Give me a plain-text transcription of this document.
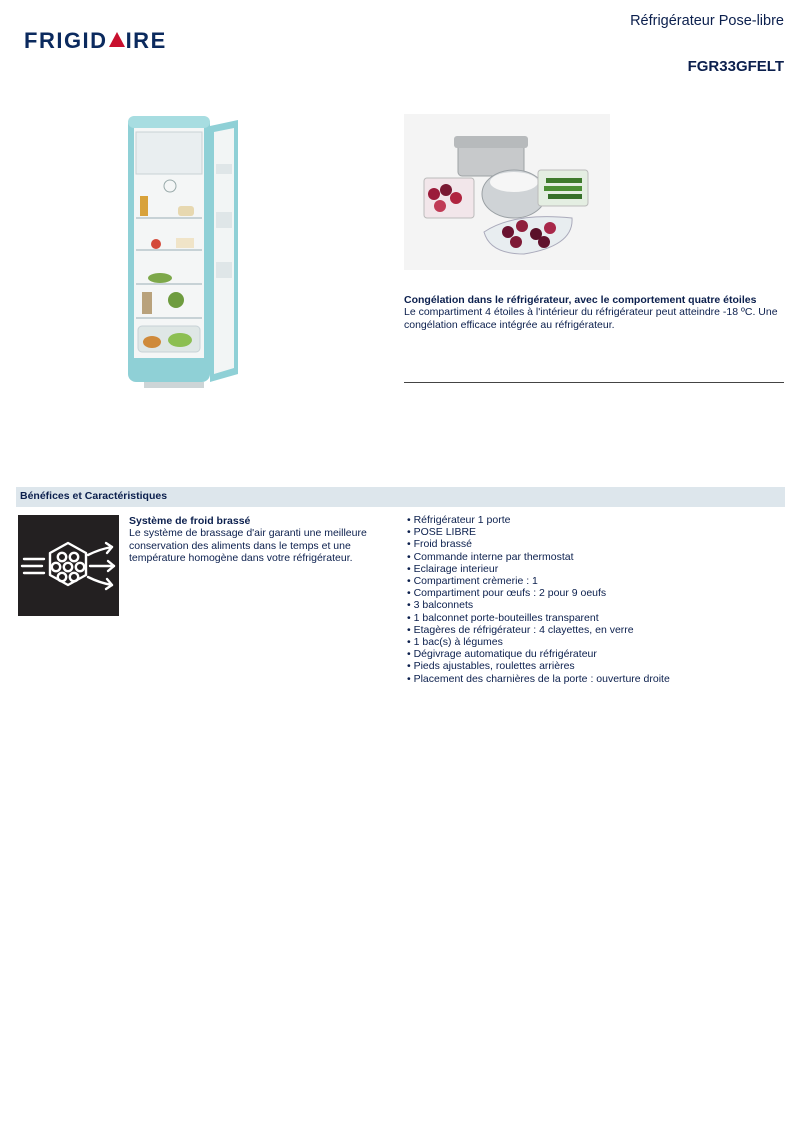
FRIGID IRE
Réfrigérateur Pose-libre
FGR33GFELT
Congélation dans le réfrigérateur, avec le comportement quatre étoiles
Le compartiment 4 étoiles à l'intérieur du réfrigérateur peut atteindre -18 ºC. Une congélation efficace intégrée au réfrigérateur.
Bénéfices et Caractéristiques
Système de froid brassé
Le système de brassage d'air garanti une meilleure conservation des aliments dans le temps et une température homogène dans votre réfrigérateur.
• Réfrigérateur 1 porte
• POSE LIBRE
• Froid brassé
• Commande interne par thermostat
• Eclairage interieur
• Compartiment crèmerie : 1
• Compartiment pour œufs : 2 pour 9 oeufs
• 3 balconnets
• 1 balconnet porte-bouteilles transparent
• Etagères de réfrigérateur : 4 clayettes, en verre
• 1 bac(s) à légumes
• Dégivrage automatique du réfrigérateur
• Pieds ajustables, roulettes arrières
• Placement des charnières de la porte : ouverture droite
